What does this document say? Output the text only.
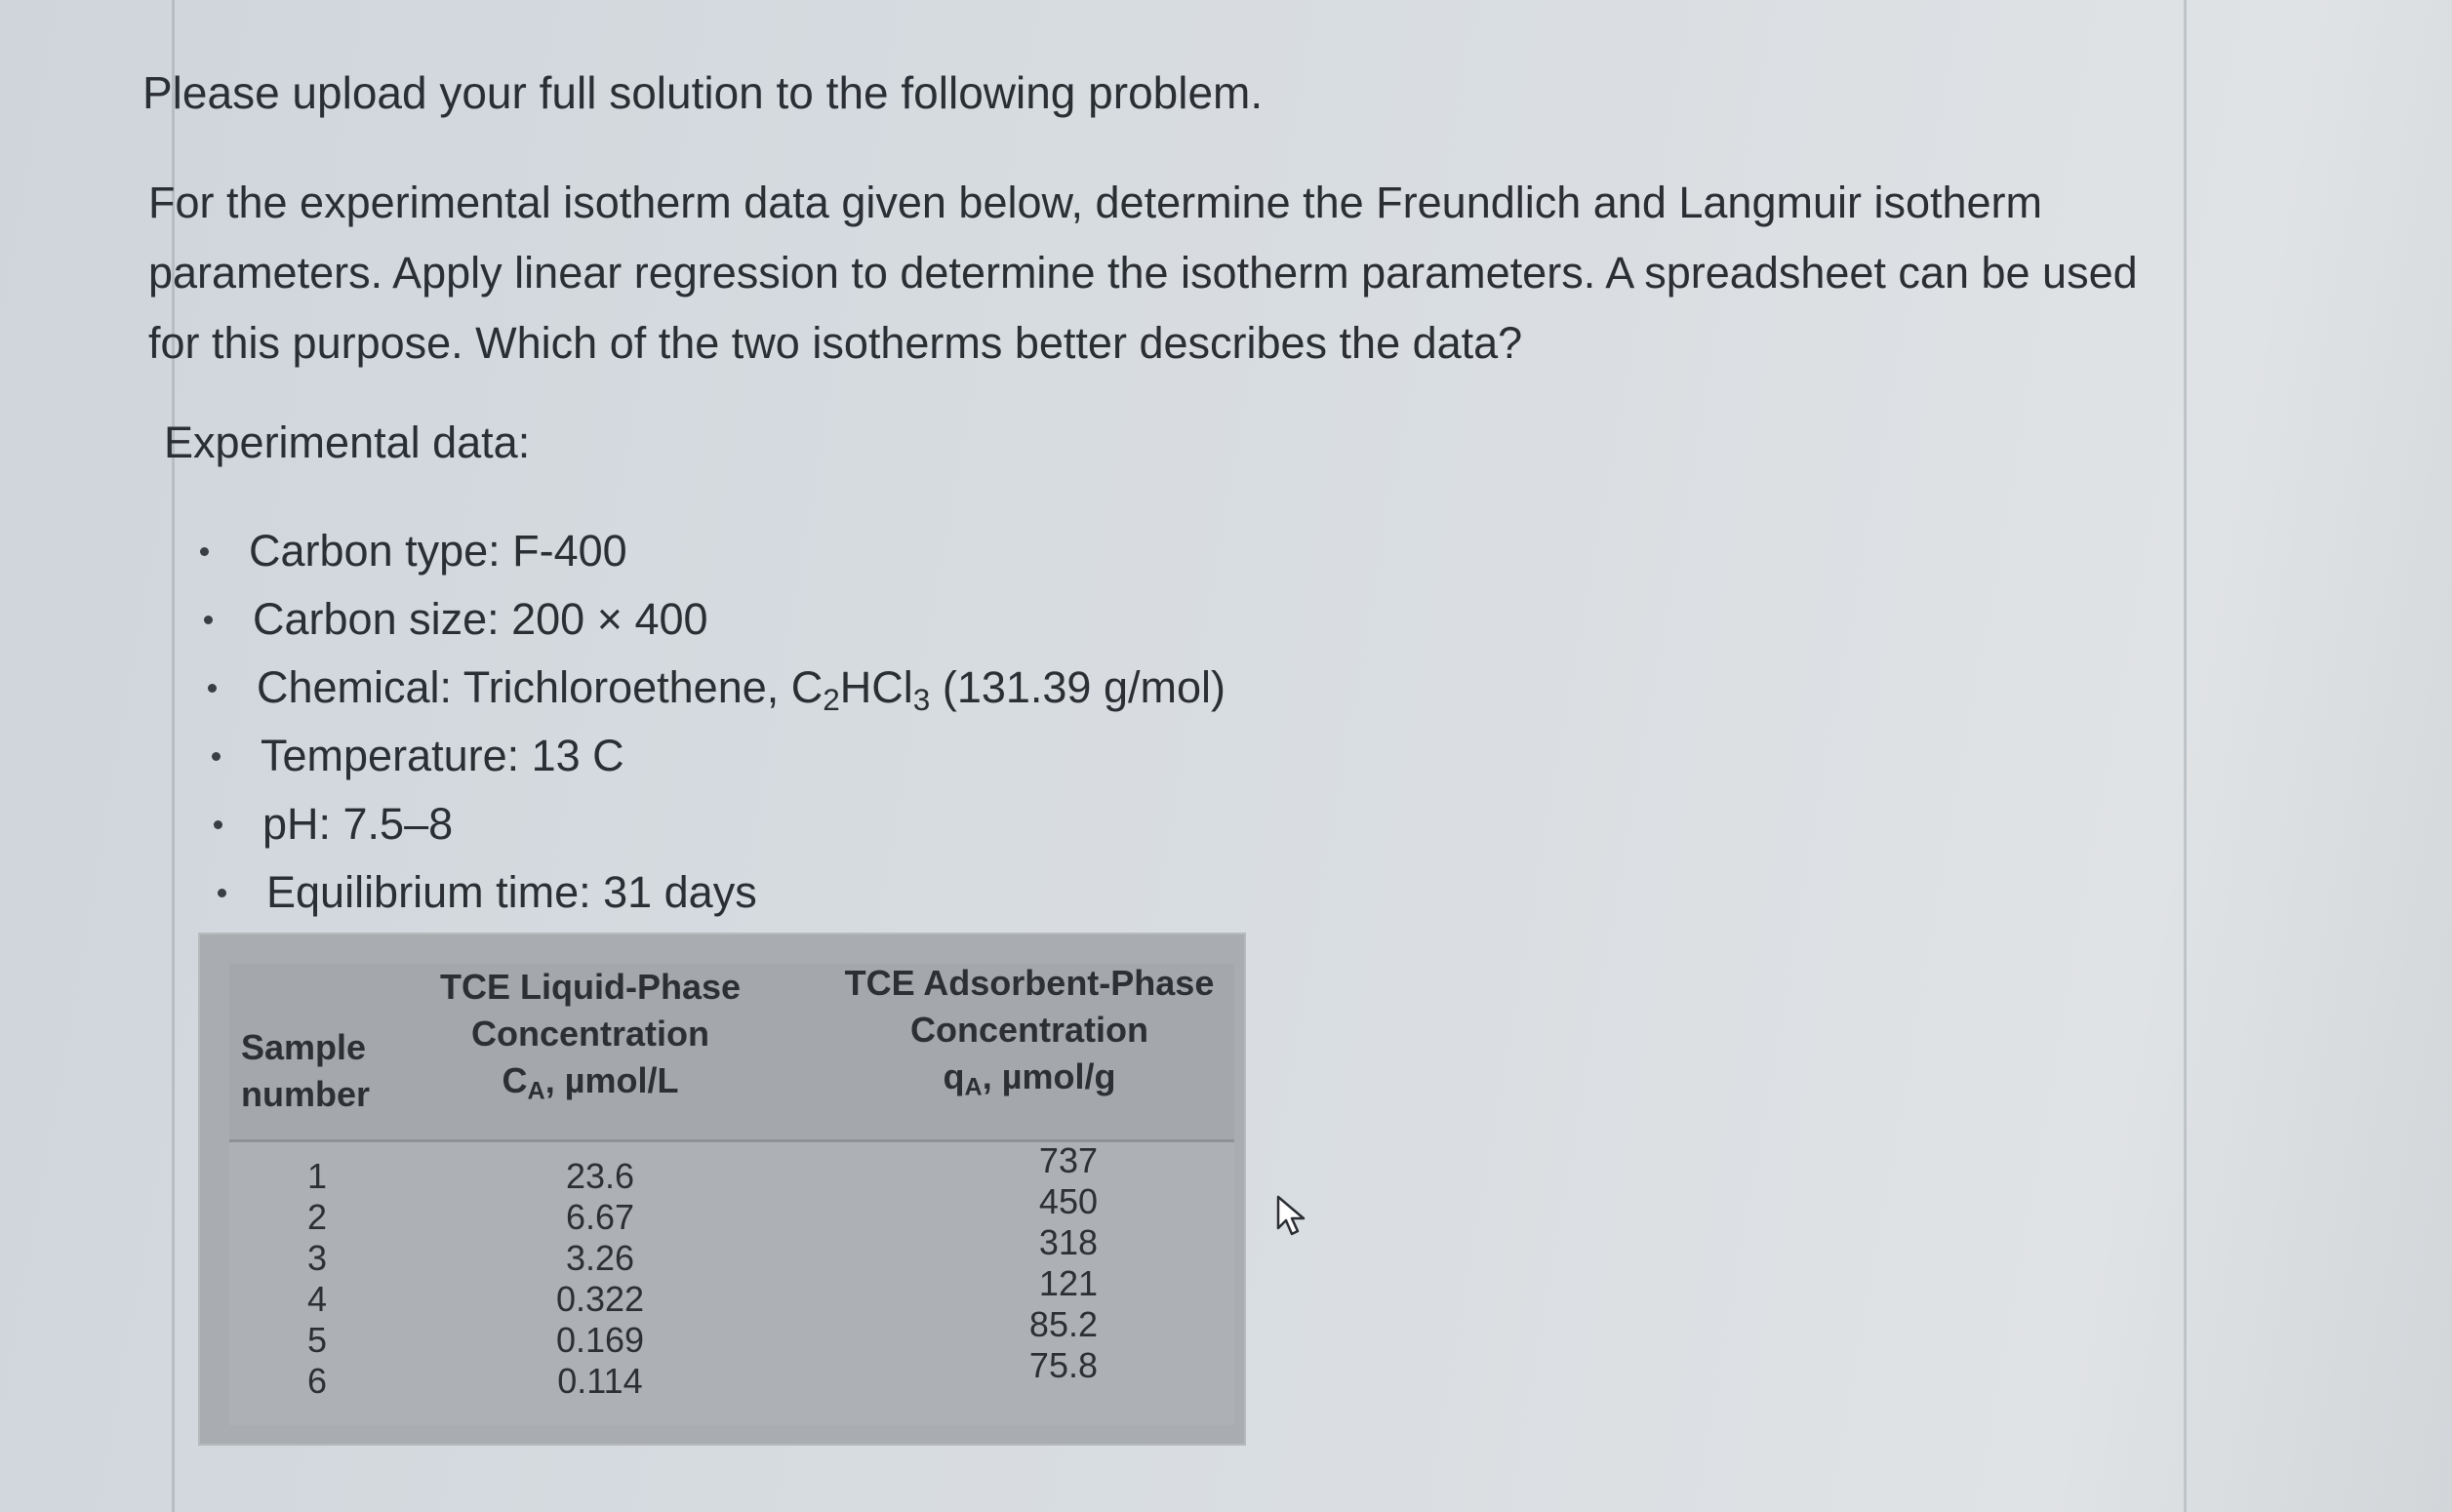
Please upload your full solution to the following problem.
For the experimental isotherm data given below, determine the Freundlich and Langmuir isotherm
parameters. Apply linear regression to determine the isotherm parameters. A spreadsheet can be used
for this purpose. Which of the two isotherms better describes the data?
Experimental data:
Carbon type: F-400
Carbon size: 200 × 400
Chemical: Trichloroethene, $C_2HCl_3$ (131.39 g/mol)
Temperature: 13 C
pH: 7.5–8
Equilibrium time: 31 days
Sample
number
TCE Liquid-Phase
Concentration
$C_A$, µmol/L
TCE Adsorbent-Phase
Concentration
$q_A$, µmol/g
1
2
3
4
5
6
23.6
6.67
3.26
0.322
0.169
0.114
737
450
318
121
85.2
75.8
